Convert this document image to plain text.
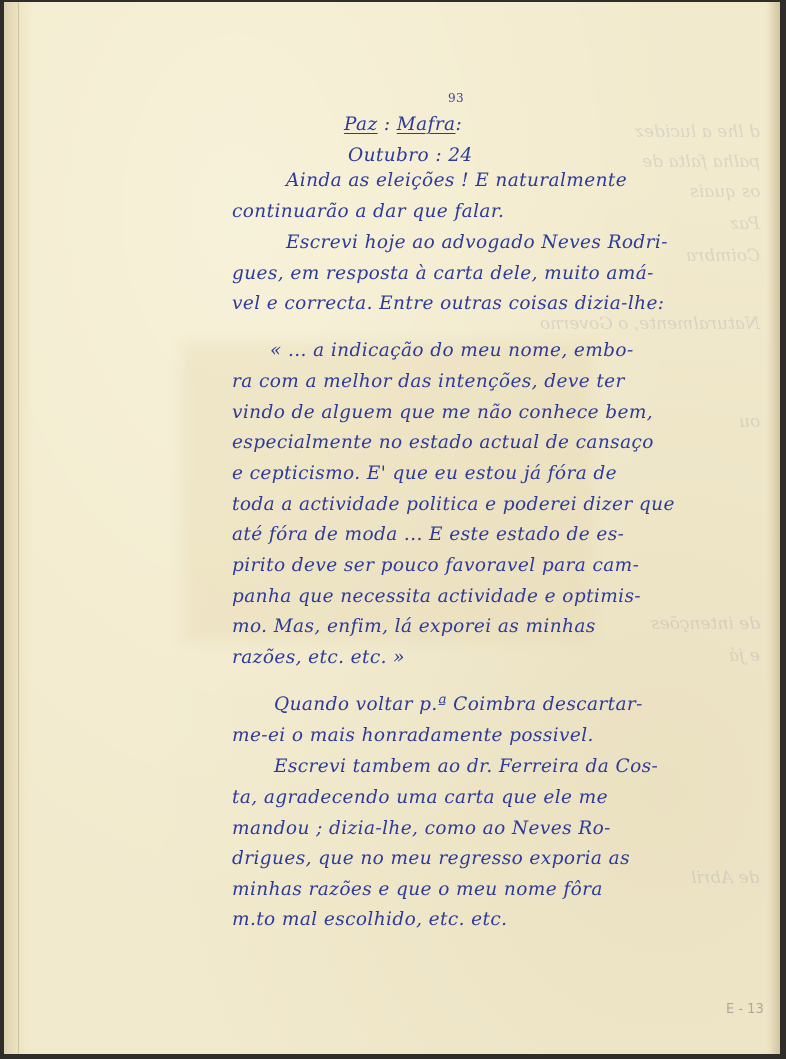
d lhe a lucidez
palha falta de
os quais
Paz
Coimbra
Naturalmente, o Governo
ou
de intenções
e já
de Abril
93
Paz : Mafra:
Outubro : 24
Ainda as eleições ! E naturalmente
continuarão a dar que falar.
Escrevi hoje ao advogado Neves Rodri-
gues, em resposta à carta dele, muito amá-
vel e correcta. Entre outras coisas dizia-lhe:
« ... a indicação do meu nome, embo-
ra com a melhor das intenções, deve ter
vindo de alguem que me não conhece bem,
especialmente no estado actual de cansaço
e cepticismo. E' que eu estou já fóra de
toda a actividade politica e poderei dizer que
até fóra de moda ... E este estado de es-
pirito deve ser pouco favoravel para cam-
panha que necessita actividade e optimis-
mo. Mas, enfim, lá exporei as minhas
razões, etc. etc. »
Quando voltar p.ª Coimbra descartar-
me-ei o mais honradamente possivel.
Escrevi tambem ao dr. Ferreira da Cos-
ta, agradecendo uma carta que ele me
mandou ; dizia-lhe, como ao Neves Ro-
drigues, que no meu regresso exporia as
minhas razões e que o meu nome fôra
m.to mal escolhido, etc. etc.
E - 13
